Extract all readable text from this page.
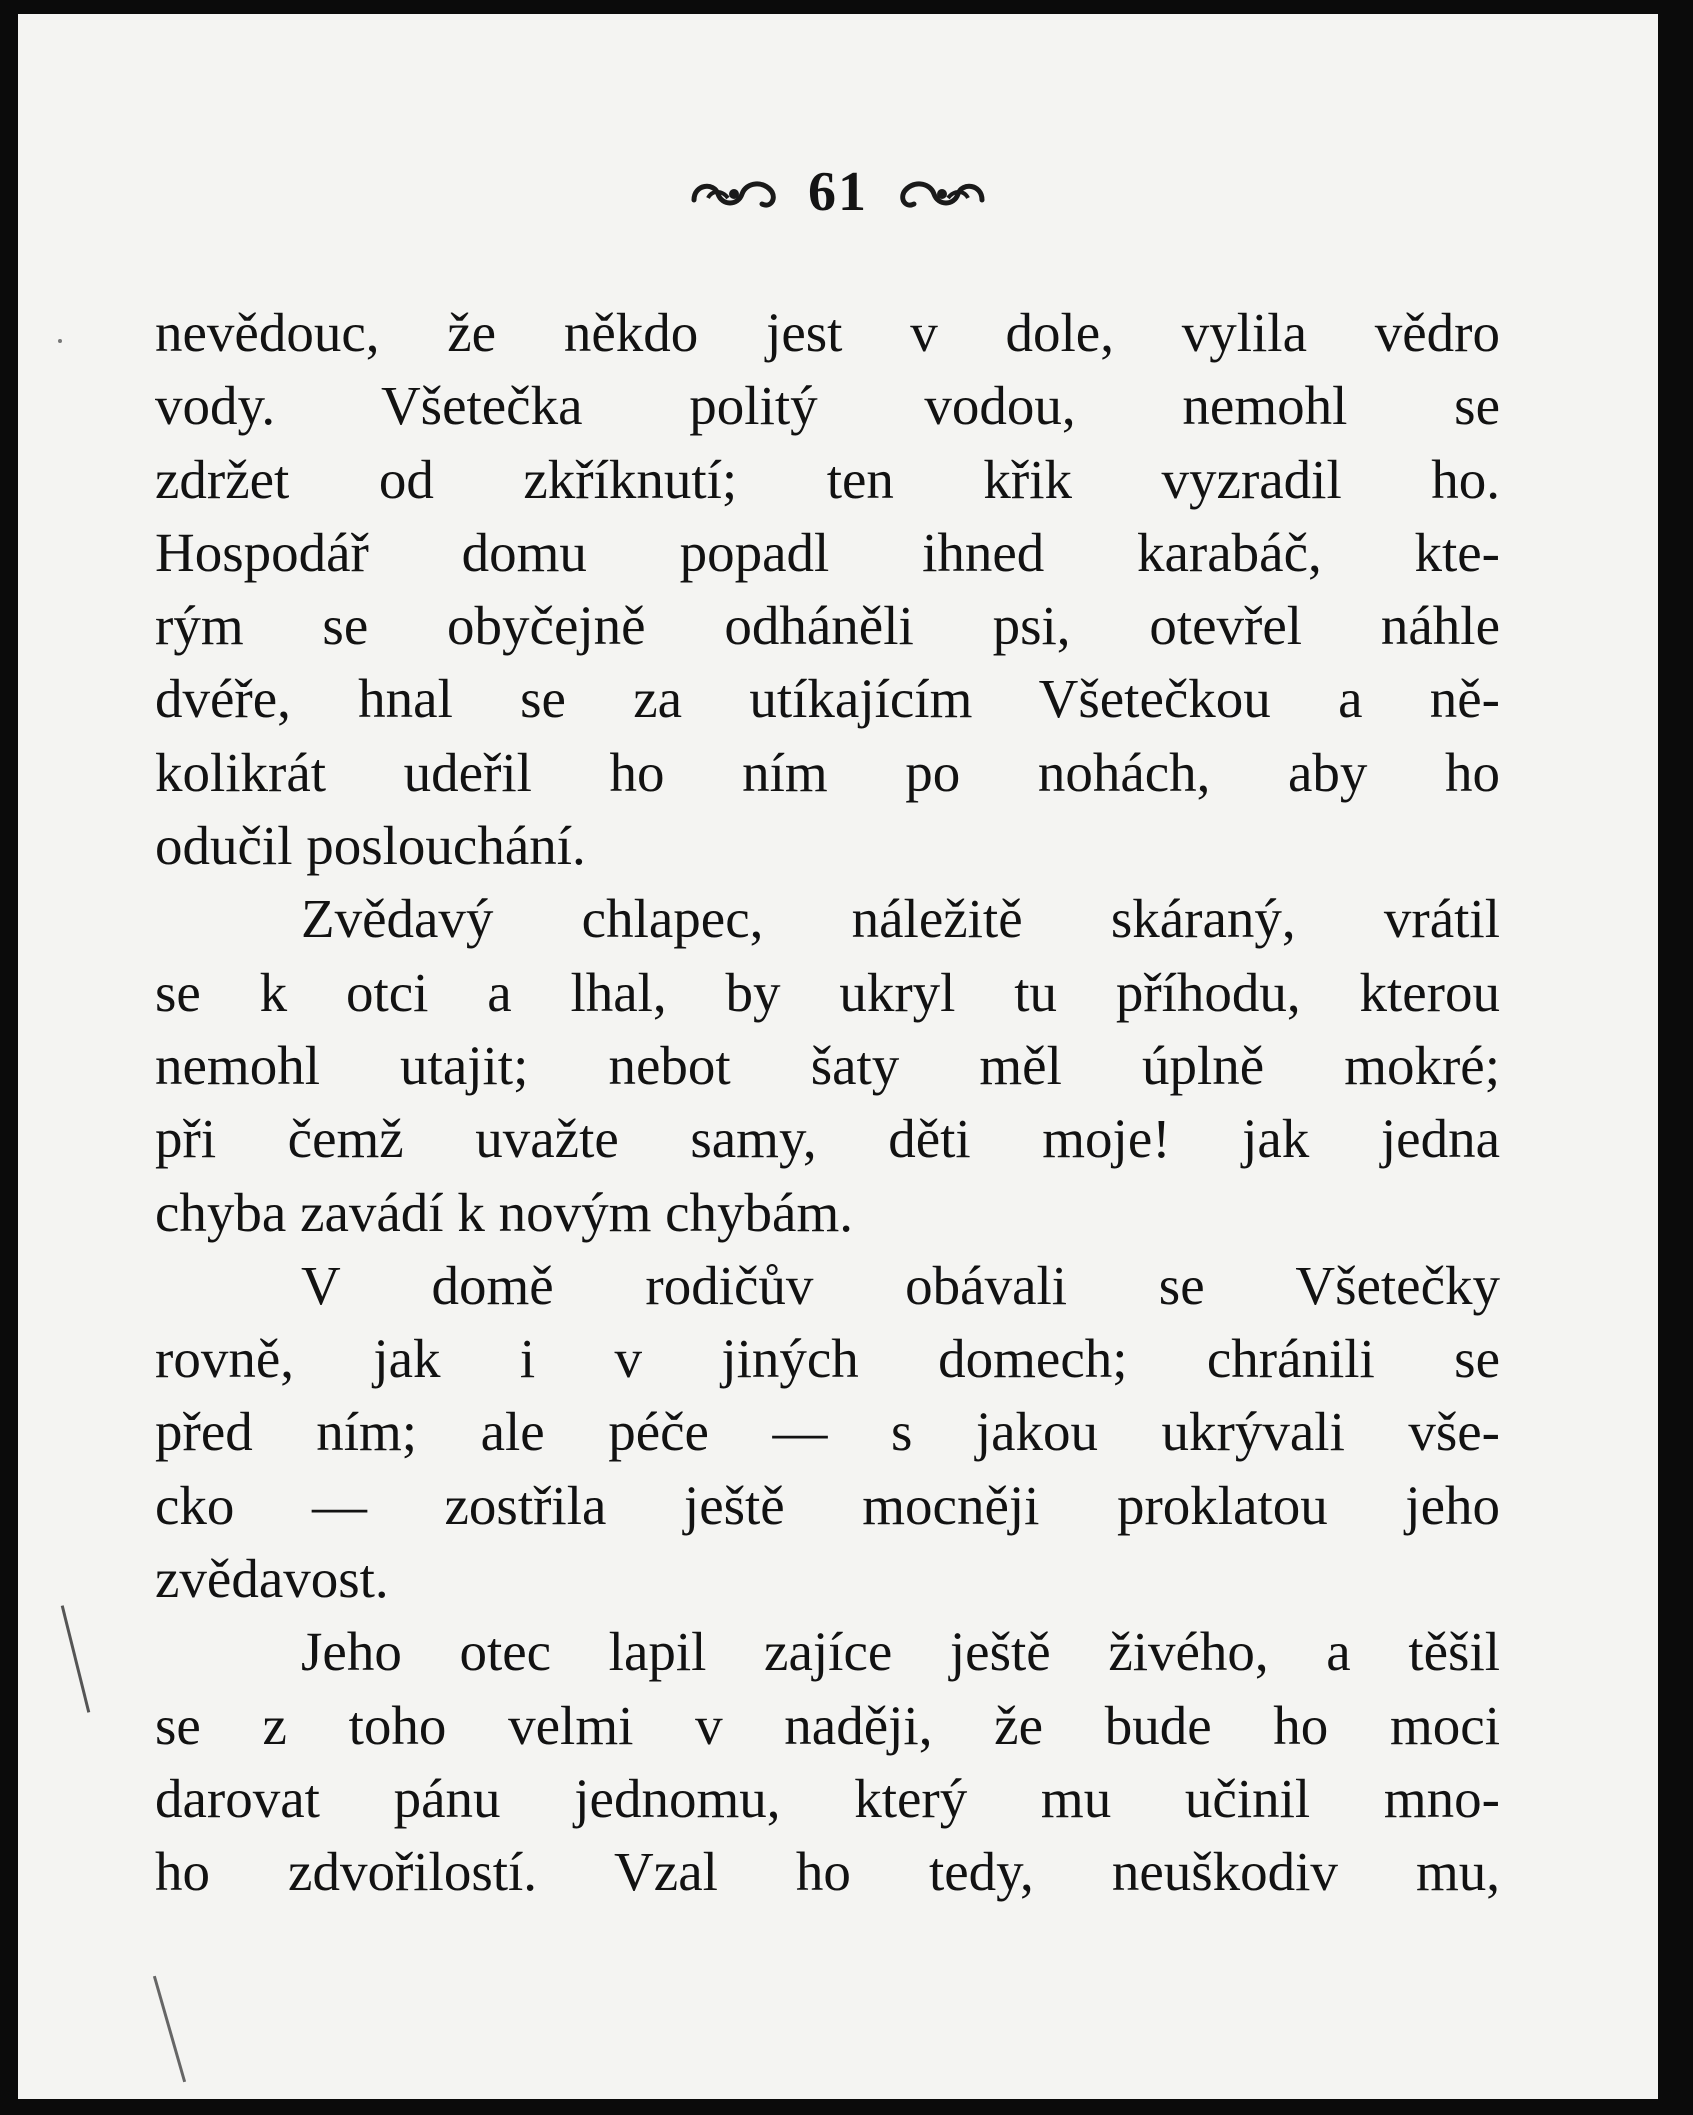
61
nevědouc, že někdo jest v dole, vylila vědro
vody. Všetečka politý vodou, nemohl se
zdržet od zkříknutí; ten křik vyzradil ho.
Hospodář domu popadl ihned karabáč, kte-
rým se obyčejně odháněli psi, otevřel náhle
dvéře, hnal se za utíkajícím Všetečkou a ně-
kolikrát udeřil ho ním po nohách, aby ho
odučil poslouchání.
Zvědavý chlapec, náležitě skáraný, vrátil
se k otci a lhal, by ukryl tu příhodu, kterou
nemohl utajit; nebot šaty měl úplně mokré;
při čemž uvažte samy, děti moje! jak jedna
chyba zavádí k novým chybám.
V domě rodičův obávali se Všetečky
rovně, jak i v jiných domech; chránili se
před ním; ale péče — s jakou ukrývali vše-
cko — zostřila ještě mocněji proklatou jeho
zvědavost.
Jeho otec lapil zajíce ještě živého, a těšil
se z toho velmi v naději, že bude ho moci
darovat pánu jednomu, který mu učinil mno-
ho zdvořilostí. Vzal ho tedy, neuškodiv mu,
